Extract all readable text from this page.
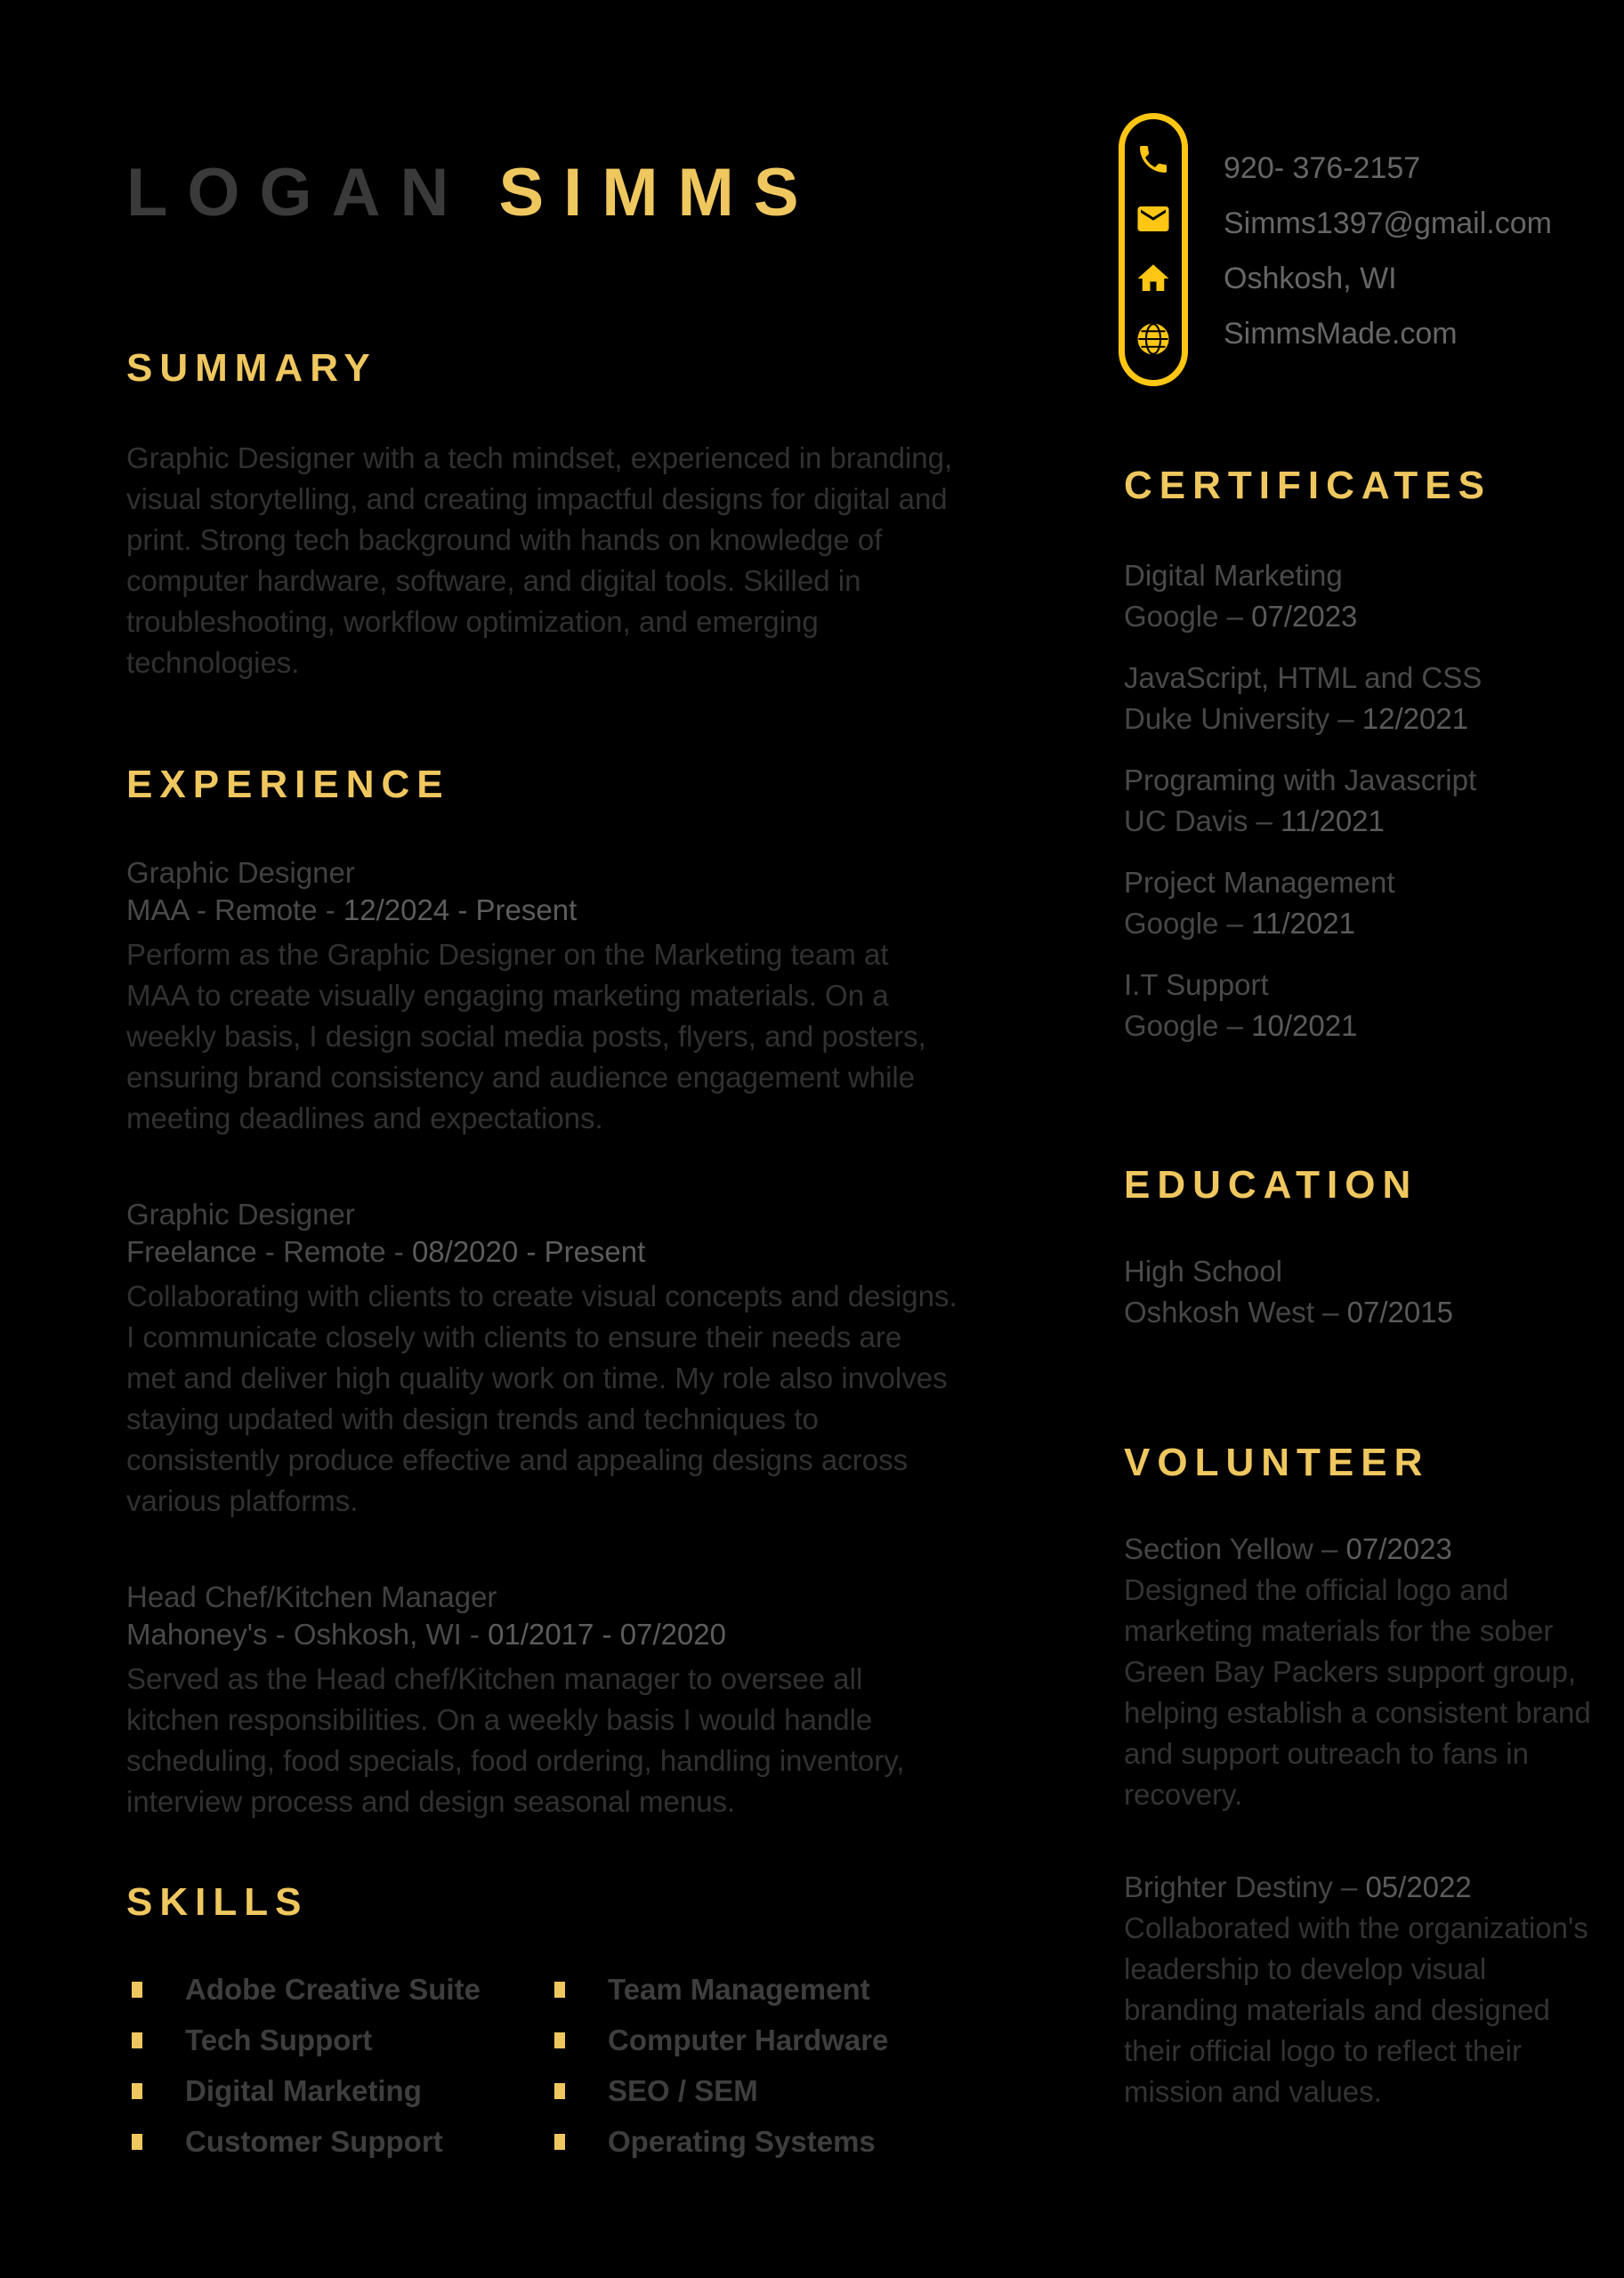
LOGAN SIMMS	920- 376-2157
Simms1397@gmail.com
Oshkosh, WI
SimmsMade.com
SUMMARY

Graphic Designer with a tech mindset, experienced in branding, visual storytelling, and creating impactful designs for digital and print. Strong tech background with hands on knowledge of computer hardware, software, and digital tools. Skilled in troubleshooting, workflow optimization, and emerging technologies.

EXPERIENCE
Graphic Designer
MAA - Remote - 12/2024 - Present

Perform as the Graphic Designer on the Marketing team at MAA to create visually engaging marketing materials. On a weekly basis, I design social media posts, flyers, and posters, ensuring brand consistency and audience engagement while meeting deadlines and expectations.

Graphic Designer
Freelance - Remote - 08/2020 - Present

Collaborating with clients to create visual concepts and designs. I communicate closely with clients to ensure their needs are met and deliver high quality work on time. My role also involves staying updated with design trends and techniques to consistently produce effective and appealing designs across various platforms.

Head Chef/Kitchen Manager
Mahoney's - Oshkosh, WI - 01/2017 - 07/2020

Served as the Head chef/Kitchen manager to oversee all kitchen responsibilities. On a weekly basis I would handle scheduling, food specials, food ordering, handling inventory, interview process and design seasonal menus.

SKILLS
Adobe Creative Suite
Tech Support
Digital Marketing
Customer Support
Team Management
Computer Hardware
SEO / SEM
Operating Systems
CERTIFICATES
Digital Marketing
Google – 07/2023
JavaScript, HTML and CSS
Duke University – 12/2021
Programing with Javascript
UC Davis – 11/2021
Project Management
Google – 11/2021
I.T Support
Google – 10/2021
EDUCATION
High School
Oshkosh West – 07/2015
VOLUNTEER
Section Yellow – 07/2023

Designed the official logo and marketing materials for the sober Green Bay Packers support group, helping establish a consistent brand and support outreach to fans in recovery.

Brighter Destiny – 05/2022

Collaborated with the organization's leadership to develop visual branding materials and designed their official logo to reflect their mission and values.
